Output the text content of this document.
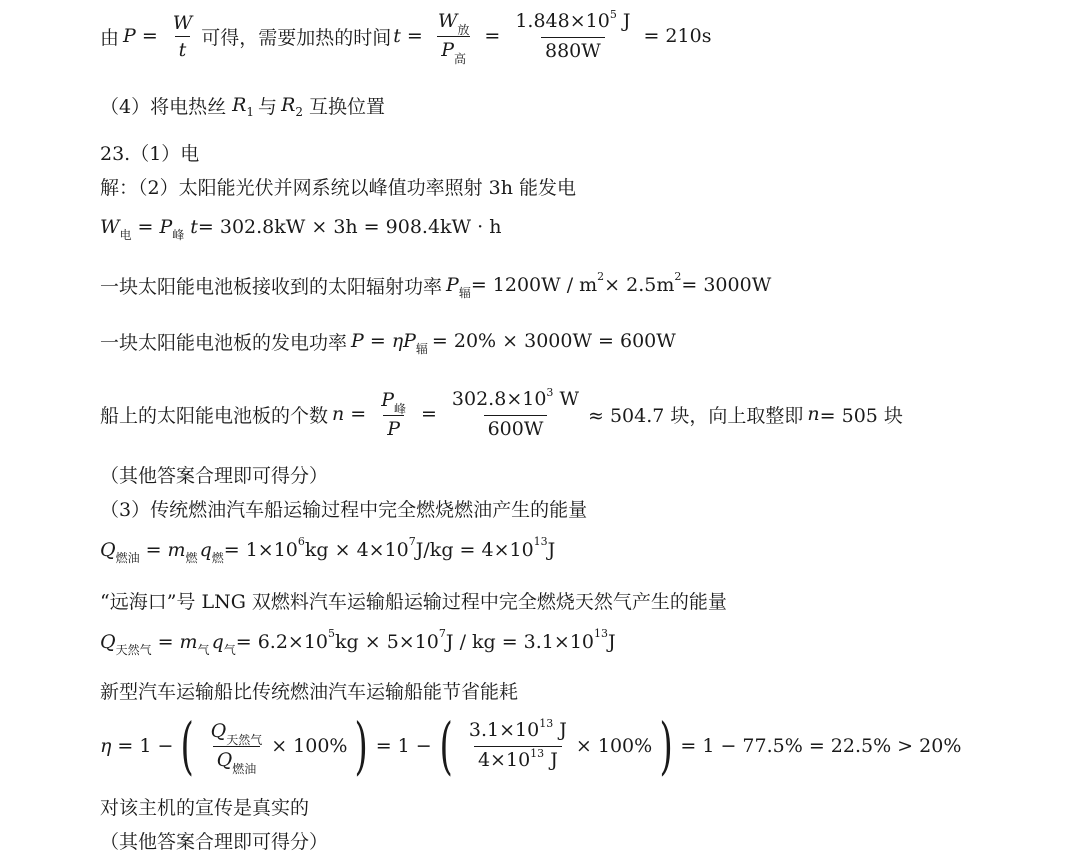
由 $P = \frac{W}{t}$ 可得，需要加热的时间 $t = \frac{W_放}{P_高} = \frac{1.848\times 10^5 J}{880W} = 210s$
（4）将电热丝 R 1 与 R 2 互换位置
23.（1）电
解：（2）太阳能光伏并网系统以峰值功率照射 3h 能发电
W 电 = P 峰 t = 302.8kW × 3h = 908.4kW · h
一块太阳能电池板接收到的太阳辐射功率 P 辐 = 1200W / m 2 × 2.5m 2 = 3000W
一块太阳能电池板的发电功率 P = ηP 辐 = 20% × 3000W = 600W
船上的太阳能电池板的个数 $n = \frac{P_峰}{P} = \frac{302.8\times 10^3 W}{600W} \approx 504.7$ 块，向上取整即 n = 505 块
（其他答案合理即可得分）
（3）传统燃油汽车船运输过程中完全燃烧燃油产生的能量
Q 燃油 = m 燃 q 燃 = 1×10 6 kg × 4×10 7 J/kg = 4×10 13 J
“远海口”号 LNG 双燃料汽车运输船运输过程中完全燃烧天然气产生的能量
Q 天然气 = m 气 q 气 = 6.2×10 5 kg × 5×10 7 J / kg = 3.1×10 13 J
新型汽车运输船比传统燃油汽车运输船能节省能耗
η = 1 − ( $\frac{Q_{天然气}}{Q_{燃油}} \times 100\%$ ) = 1 − ( $\frac{3.1\times 10^{13} J}{4\times 10^{13} J} \times 100\%$ ) = 1 − 77.5% = 22.5% > 20%
对该主机的宣传是真实的
（其他答案合理即可得分）
